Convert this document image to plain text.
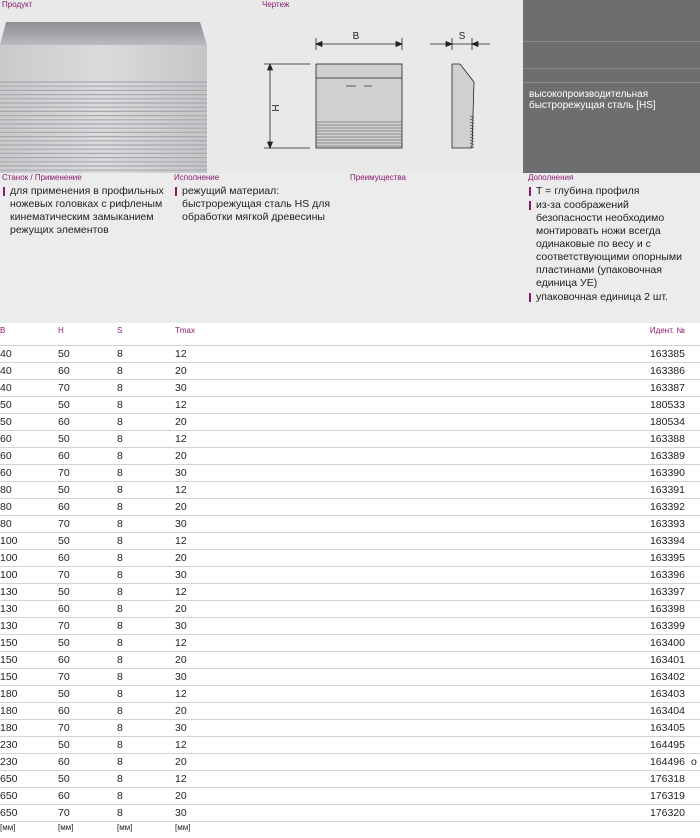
Продукт	Чертеж
B
H
S
высокопроизводительная быстрорежущая сталь [HS]
Станок / Применение
для применения в профильных ножевых головках с рифленым кинематическим замыканием режущих элементов
Исполнение
режущий материал: быстрорежущая сталь HS для обработки мягкой древесины
Преимущества	Дополнения
T = глубина профиля
из-за соображений безопасности необходимо монтировать ножи всегда одинаковые по весу и с соответствующими опорными пластинами (упаковочная единица УЕ)
упаковочная единица 2 шт.
B	H	S	Tmax	Идент. №
40	50	8	12	163385
40	60	8	20	163386
40	70	8	30	163387
50	50	8	12	180533
50	60	8	20	180534
60	50	8	12	163388
60	60	8	20	163389
60	70	8	30	163390
80	50	8	12	163391
80	60	8	20	163392
80	70	8	30	163393
100	50	8	12	163394
100	60	8	20	163395
100	70	8	30	163396
130	50	8	12	163397
130	60	8	20	163398
130	70	8	30	163399
150	50	8	12	163400
150	60	8	20	163401
150	70	8	30	163402
180	50	8	12	163403
180	60	8	20	163404
180	70	8	30	163405
230	50	8	12	164495
230	60	8	20	164496 o
650	50	8	12	176318
650	60	8	20	176319
650	70	8	30	176320
[мм]	[мм]	[мм]	[мм]
